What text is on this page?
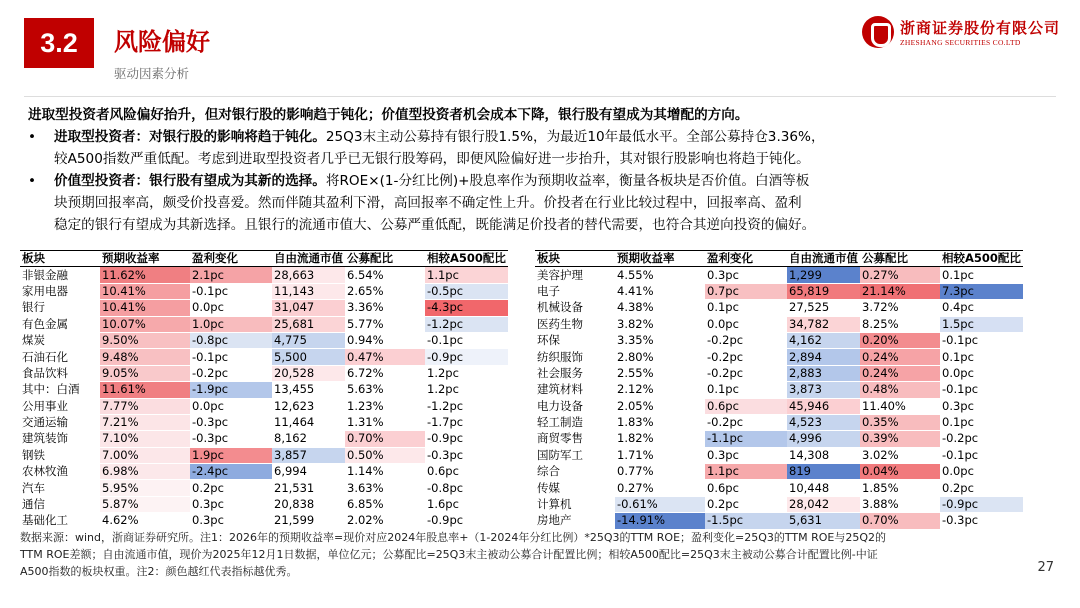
3.2	风险偏好
驱动因素分析
浙商证券股份有限公司
ZHESHANG SECURITIES CO.LTD

进取型投资者风险偏好抬升，但对银行股的影响趋于钝化；价值型投资者机会成本下降，银行股有望成为其增配的方向。

• 进取型投资者：对银行股的影响将趋于钝化。25Q3末主动公募持有银行股1.5%，为最近10年最低水平。全部公募持仓3.36%，

较A500指数严重低配。考虑到进取型投资者几乎已无银行股筹码，即便风险偏好进一步抬升，其对银行股影响也将趋于钝化。

• 价值型投资者：银行股有望成为其新的选择。将ROE×(1-分红比例)+股息率作为预期收益率，衡量各板块是否价值。白酒等板

块预期回报率高，颇受价投喜爱。然而伴随其盈利下滑，高回报率不确定性上升。价投者在行业比较过程中，回报率高、盈利

稳定的银行有望成为其新选择。且银行的流通市值大、公募严重低配，既能满足价投者的替代需要，也符合其逆向投资的偏好。

板块	预期收益率	盈利变化	自由流通市值	公募配比	相较A500配比
非银金融	11.62%	2.1pc	28,663	6.54%	1.1pc
家用电器	10.41%	-0.1pc	11,143	2.65%	-0.5pc
银行	10.41%	0.0pc	31,047	3.36%	-4.3pc
有色金属	10.07%	1.0pc	25,681	5.77%	-1.2pc
煤炭	9.50%	-0.8pc	4,775	0.94%	-0.1pc
石油石化	9.48%	-0.1pc	5,500	0.47%	-0.9pc
食品饮料	9.05%	-0.2pc	20,528	6.72%	1.2pc
其中：白酒	11.61%	-1.9pc	13,455	5.63%	1.2pc
公用事业	7.77%	0.0pc	12,623	1.23%	-1.2pc
交通运输	7.21%	-0.3pc	11,464	1.31%	-1.7pc
建筑装饰	7.10%	-0.3pc	8,162	0.70%	-0.9pc
钢铁	7.00%	1.9pc	3,857	0.50%	-0.3pc
农林牧渔	6.98%	-2.4pc	6,994	1.14%	0.6pc
汽车	5.95%	0.2pc	21,531	3.63%	-0.8pc
通信	5.87%	0.3pc	20,838	6.85%	1.6pc
基础化工	4.62%	0.3pc	21,599	2.02%	-0.9pc
板块	预期收益率	盈利变化	自由流通市值	公募配比	相较A500配比
美容护理	4.55%	0.3pc	1,299	0.27%	0.1pc
电子	4.41%	0.7pc	65,819	21.14%	7.3pc
机械设备	4.38%	0.1pc	27,525	3.72%	0.4pc
医药生物	3.82%	0.0pc	34,782	8.25%	1.5pc
环保	3.35%	-0.2pc	4,162	0.20%	-0.1pc
纺织服饰	2.80%	-0.2pc	2,894	0.24%	0.1pc
社会服务	2.55%	-0.2pc	2,883	0.24%	0.0pc
建筑材料	2.12%	0.1pc	3,873	0.48%	-0.1pc
电力设备	2.05%	0.6pc	45,946	11.40%	0.3pc
轻工制造	1.83%	-0.2pc	4,523	0.35%	0.1pc
商贸零售	1.82%	-1.1pc	4,996	0.39%	-0.2pc
国防军工	1.71%	0.3pc	14,308	3.02%	-0.1pc
综合	0.77%	1.1pc	819	0.04%	0.0pc
传媒	0.27%	0.6pc	10,448	1.85%	0.2pc
计算机	-0.61%	0.2pc	28,042	3.88%	-0.9pc
房地产	-14.91%	-1.5pc	5,631	0.70%	-0.3pc
数据来源：wind，浙商证券研究所。注1：2026年的预期收益率=现价对应2024年股息率+（1-2024年分红比例）*25Q3的TTM ROE；盈利变化=25Q3的TTM ROE与25Q2的
TTM ROE差额；自由流通市值，现价为2025年12月1日数据，单位亿元；公募配比=25Q3末主被动公募合计配置比例；相较A500配比=25Q3末主被动公募合计配置比例-中证
A500指数的板块权重。注2：颜色越红代表指标越优秀。	27
